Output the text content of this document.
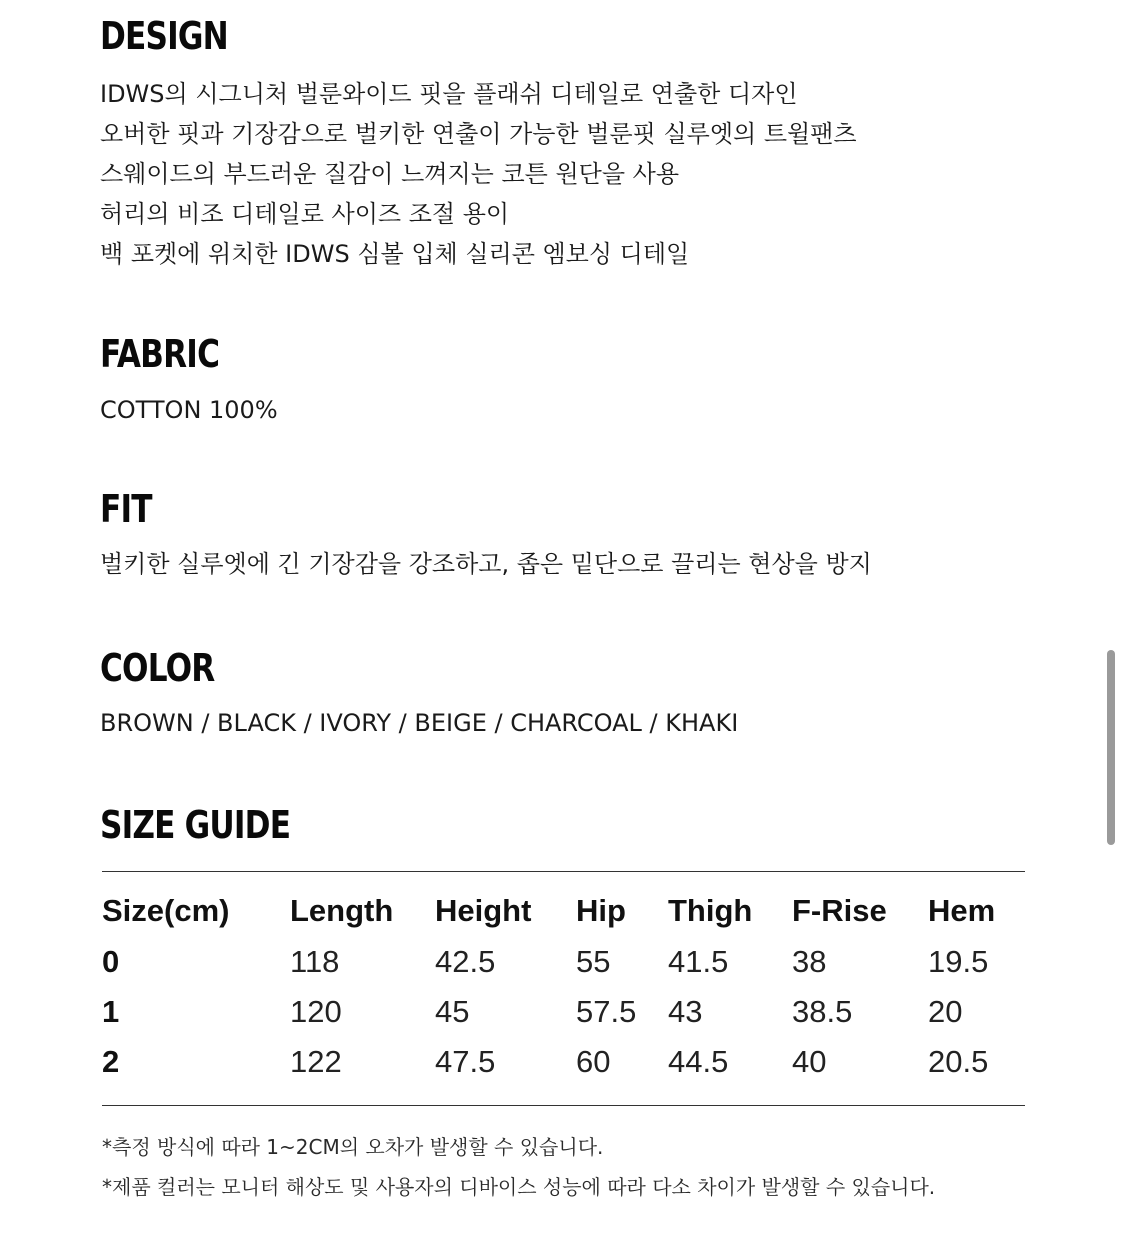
DESIGN
IDWS의 시그니처 벌룬와이드 핏을 플래쉬 디테일로 연출한 디자인
오버한 핏과 기장감으로 벌키한 연출이 가능한 벌룬핏 실루엣의 트윌팬츠
스웨이드의 부드러운 질감이 느껴지는 코튼 원단을 사용
허리의 비조 디테일로 사이즈 조절 용이
백 포켓에 위치한 IDWS 심볼 입체 실리콘 엠보싱 디테일
FABRIC

COTTON 100%

FIT

벌키한 실루엣에 긴 기장감을 강조하고, 좁은 밑단으로 끌리는 현상을 방지

COLOR

BROWN / BLACK / IVORY / BEIGE / CHARCOAL / KHAKI

SIZE GUIDE
Size(cm)	Length	Height	Hip	Thigh	F-Rise	Hem
0	118	42.5	55	41.5	38	19.5
1	120	45	57.5	43	38.5	20
2	122	47.5	60	44.5	40	20.5

*측정 방식에 따라 1~2CM의 오차가 발생할 수 있습니다.

*제품 컬러는 모니터 해상도 및 사용자의 디바이스 성능에 따라 다소 차이가 발생할 수 있습니다.
